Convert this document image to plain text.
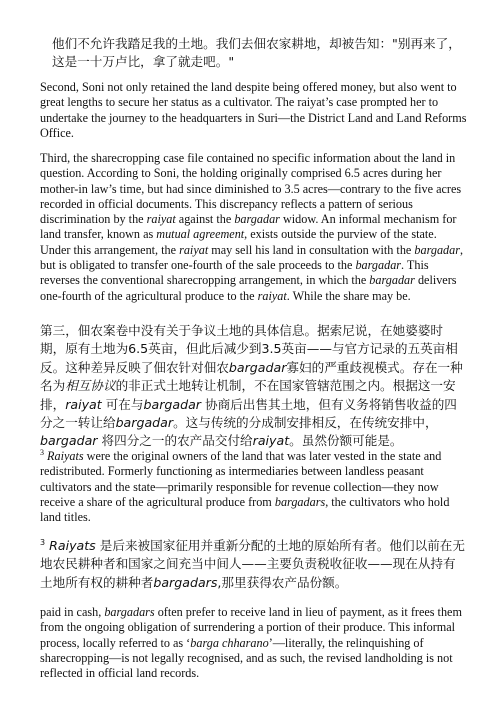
他们不允许我踏足我的土地。我们去佃农家耕地，却被告知："别再来了，这是一十万卢比，拿了就走吧。"

Second, Soni not only retained the land despite being offered money, but also went to great lengths to secure her status as a cultivator. The raiyat’s case prompted her to undertake the journey to the headquarters in Suri—the District Land and Land Reforms Office.

Third, the sharecropping case file contained no specific information about the land in question. According to Soni, the holding originally comprised 6.5 acres during her mother-in law’s time, but had since diminished to 3.5 acres—contrary to the five acres recorded in official documents. This discrepancy reflects a pattern of serious discrimination by the raiyat against the bargadar widow. An informal mechanism for land transfer, known as mutual agreement, exists outside the purview of the state. Under this arrangement, the raiyat may sell his land in consultation with the bargadar, but is obligated to transfer one-fourth of the sale proceeds to the bargadar. This reverses the conventional sharecropping arrangement, in which the bargadar delivers one-fourth of the agricultural produce to the raiyat. While the share may be.

第三，佃农案卷中没有关于争议土地的具体信息。据索尼说，在她婆婆时期，原有土地为6.5英亩，但此后减少到3.5英亩——与官方记录的五英亩相反。这种差异反映了佃农针对佃农bargadar寡妇的严重歧视模式。存在一种名为相互协议的非正式土地转让机制，不在国家管辖范围之内。根据这一安排，raiyat 可在与bargadar 协商后出售其土地，但有义务将销售收益的四分之一转让给bargadar。这与传统的分成制安排相反，在传统安排中，bargadar 将四分之一的农产品交付给raiyat。虽然份额可能是。

$^3$ Raiyats were the original owners of the land that was later vested in the state and redistributed. Formerly functioning as intermediaries between landless peasant cultivators and the state—primarily responsible for revenue collection—they now receive a share of the agricultural produce from bargadars, the cultivators who hold land titles.

$^3$ Raiyats 是后来被国家征用并重新分配的土地的原始所有者。他们以前在无地农民耕种者和国家之间充当中间人——主要负责税收征收——现在从持有土地所有权的耕种者bargadars,那里获得农产品份额。

paid in cash, bargadars often prefer to receive land in lieu of payment, as it frees them from the ongoing obligation of surrendering a portion of their produce. This informal process, locally referred to as ‘barga chharano’—literally, the relinquishing of sharecropping—is not legally recognised, and as such, the revised landholding is not reflected in official land records.
